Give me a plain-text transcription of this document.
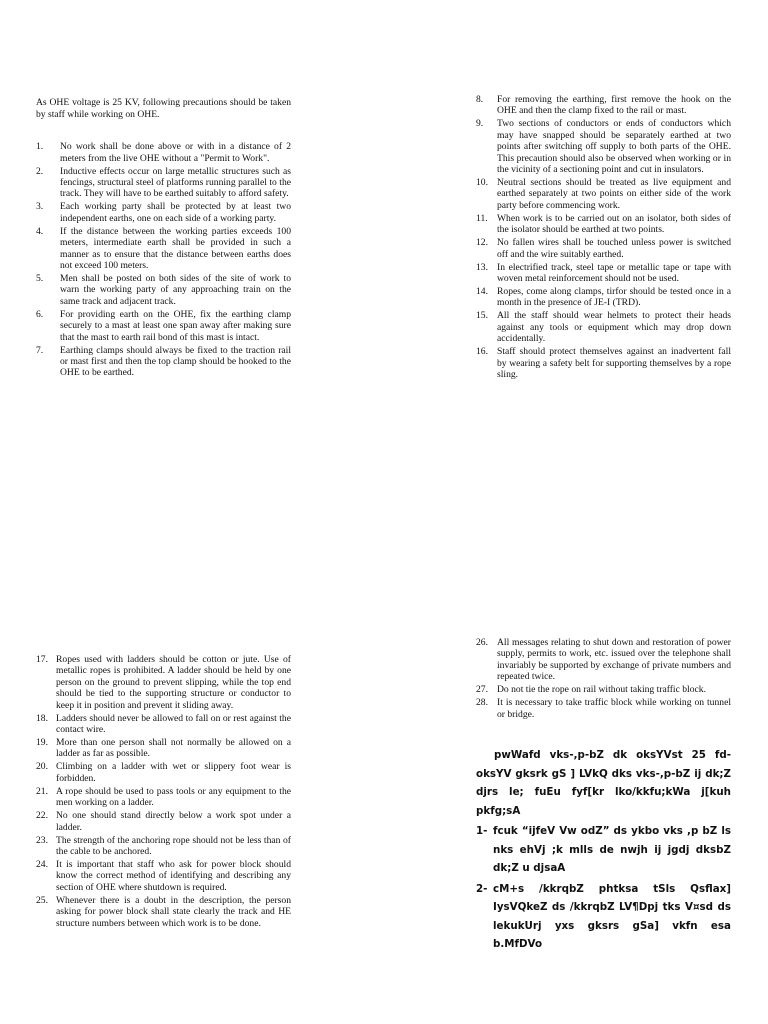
As OHE voltage is 25 KV, following precautions should be taken by staff while working on OHE.

1. No work shall be done above or with in a distance of 2 meters from the live OHE without a "Permit to Work".
2. Inductive effects occur on large metallic structures such as fencings, structural steel of platforms running parallel to the track. They will have to be earthed suitably to afford safety.
3. Each working party shall be protected by at least two independent earths, one on each side of a working party.
4. If the distance between the working parties exceeds 100 meters, intermediate earth shall be provided in such a manner as to ensure that the distance between earths does not exceed 100 meters.
5. Men shall be posted on both sides of the site of work to warn the working party of any approaching train on the same track and adjacent track.
6. For providing earth on the OHE, fix the earthing clamp securely to a mast at least one span away after making sure that the mast to earth rail bond of this mast is intact.
7. Earthing clamps should always be fixed to the traction rail or mast first and then the top clamp should be hooked to the OHE to be earthed.
8. For removing the earthing, first remove the hook on the OHE and then the clamp fixed to the rail or mast.
9. Two sections of conductors or ends of conductors which may have snapped should be separately earthed at two points after switching off supply to both parts of the OHE. This precaution should also be observed when working or in the vicinity of a sectioning point and cut in insulators.
10. Neutral sections should be treated as live equipment and earthed separately at two points on either side of the work party before commencing work.
11. When work is to be carried out on an isolator, both sides of the isolator should be earthed at two points.
12. No fallen wires shall be touched unless power is switched off and the wire suitably earthed.
13. In electrified track, steel tape or metallic tape or tape with woven metal reinforcement should not be used.
14. Ropes, come along clamps, tirfor should be tested once in a month in the presence of JE-I (TRD).
15. All the staff should wear helmets to protect their heads against any tools or equipment which may drop down accidentally.
16. Staff should protect themselves against an inadvertent fall by wearing a safety belt for supporting themselves by a rope sling.
17. Ropes used with ladders should be cotton or jute. Use of metallic ropes is prohibited. A ladder should be held by one person on the ground to prevent slipping, while the top end should be tied to the supporting structure or conductor to keep it in position and prevent it sliding away.
18. Ladders should never be allowed to fall on or rest against the contact wire.
19. More than one person shall not normally be allowed on a ladder as far as possible.
20. Climbing on a ladder with wet or slippery foot wear is forbidden.
21. A rope should be used to pass tools or any equipment to the men working on a ladder.
22. No one should stand directly below a work spot under a ladder.
23. The strength of the anchoring rope should not be less than of the cable to be anchored.
24. It is important that staff who ask for power block should know the correct method of identifying and describing any section of OHE where shutdown is required.
25. Whenever there is a doubt in the description, the person asking for power block shall state clearly the track and HE structure numbers between which work is to be done.
26. All messages relating to shut down and restoration of power supply, permits to work, etc. issued over the telephone shall invariably be supported by exchange of private numbers and repeated twice.
27. Do not tie the rope on rail without taking traffic block.
28. It is necessary to take traffic block while working on tunnel or bridge.

pwWafd vks-,p-bZ dk oksYVst 25 fd-oksYV gksrk gS ] LVkQ dks vks-,p-bZ ij dk;Z djrs le; fuEu fyf[kr lko/kkfu;kWa j[kuh pkfg;sA

1- fcuk “ijfeV Vw odZ” ds ykbo vks ,p bZ ls nks ehVj ;k mlls de nwjh ij jgdj dksbZ dk;Z u djsaA

2- cM+s /kkrqbZ phtksa tSls Qsflax] IysVQkeZ ds /kkrqbZ LV¶Dpj tks V¤sd ds lekukUrj yxs gksrs gSa] vkfn esa b.MfDVo
